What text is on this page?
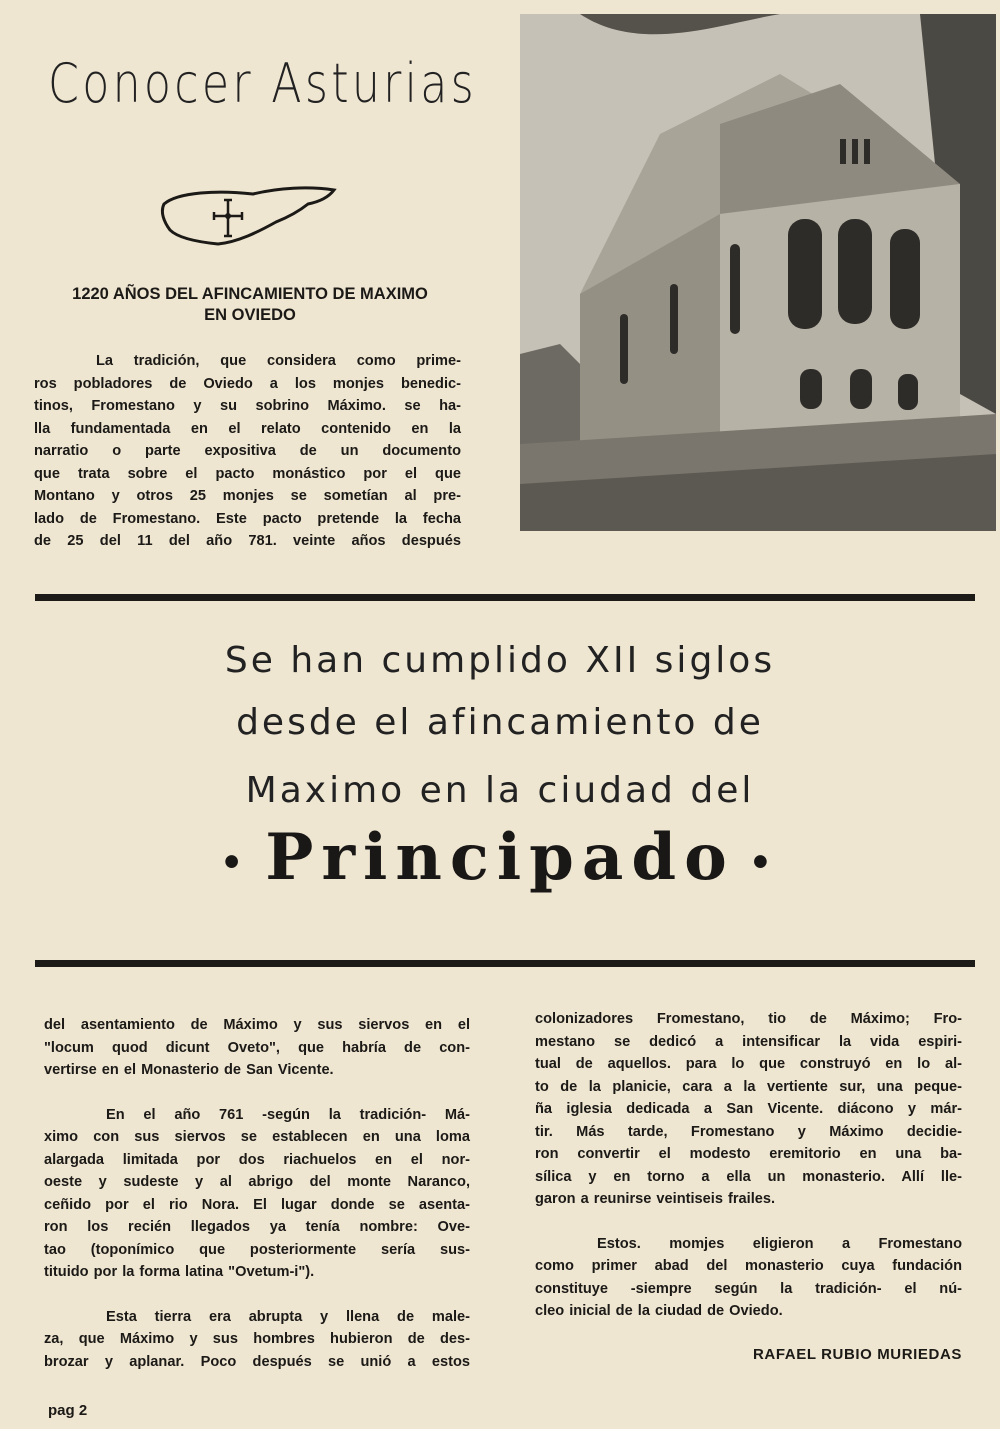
Conocer Asturias
1220 AÑOS DEL AFINCAMIENTO DE MAXIMO
EN OVIEDO
La tradición, que considera como prime-
ros pobladores de Oviedo a los monjes benedic-
tinos, Fromestano y su sobrino Máximo. se ha-
lla fundamentada en el relato contenido en la
narratio o parte expositiva de un documento
que trata sobre el pacto monástico por el que
Montano y otros 25 monjes se sometían al pre-
lado de Fromestano. Este pacto pretende la fecha
de 25 del 11 del año 781. veinte años después
Se han cumplido XII siglos
desde el afincamiento de
Maximo en la ciudad del
• Principado •
del asentamiento de Máximo y sus siervos en el
"locum quod dicunt Oveto", que habría de con-
vertirse en el Monasterio de San Vicente.
En el año 761 -según la tradición- Má-
ximo con sus siervos se establecen en una loma
alargada limitada por dos riachuelos en el nor-
oeste y sudeste y al abrigo del monte Naranco,
ceñido por el rio Nora. El lugar donde se asenta-
ron los recién llegados ya tenía nombre: Ove-
tao (toponímico que posteriormente sería sus-
tituido por la forma latina "Ovetum-i").
Esta tierra era abrupta y llena de male-
za, que Máximo y sus hombres hubieron de des-
brozar y aplanar. Poco después se unió a estos
colonizadores Fromestano, tio de Máximo; Fro-
mestano se dedicó a intensificar la vida espiri-
tual de aquellos. para lo que construyó en lo al-
to de la planicie, cara a la vertiente sur, una peque-
ña iglesia dedicada a San Vicente. diácono y már-
tir. Más tarde, Fromestano y Máximo decidie-
ron convertir el modesto eremitorio en una ba-
sílica y en torno a ella un monasterio. Allí lle-
garon a reunirse veintiseis frailes.
Estos. momjes eligieron a Fromestano
como primer abad del monasterio cuya fundación
constituye -siempre según la tradición- el nú-
cleo inicial de la ciudad de Oviedo.
RAFAEL RUBIO MURIEDAS
pag 2
